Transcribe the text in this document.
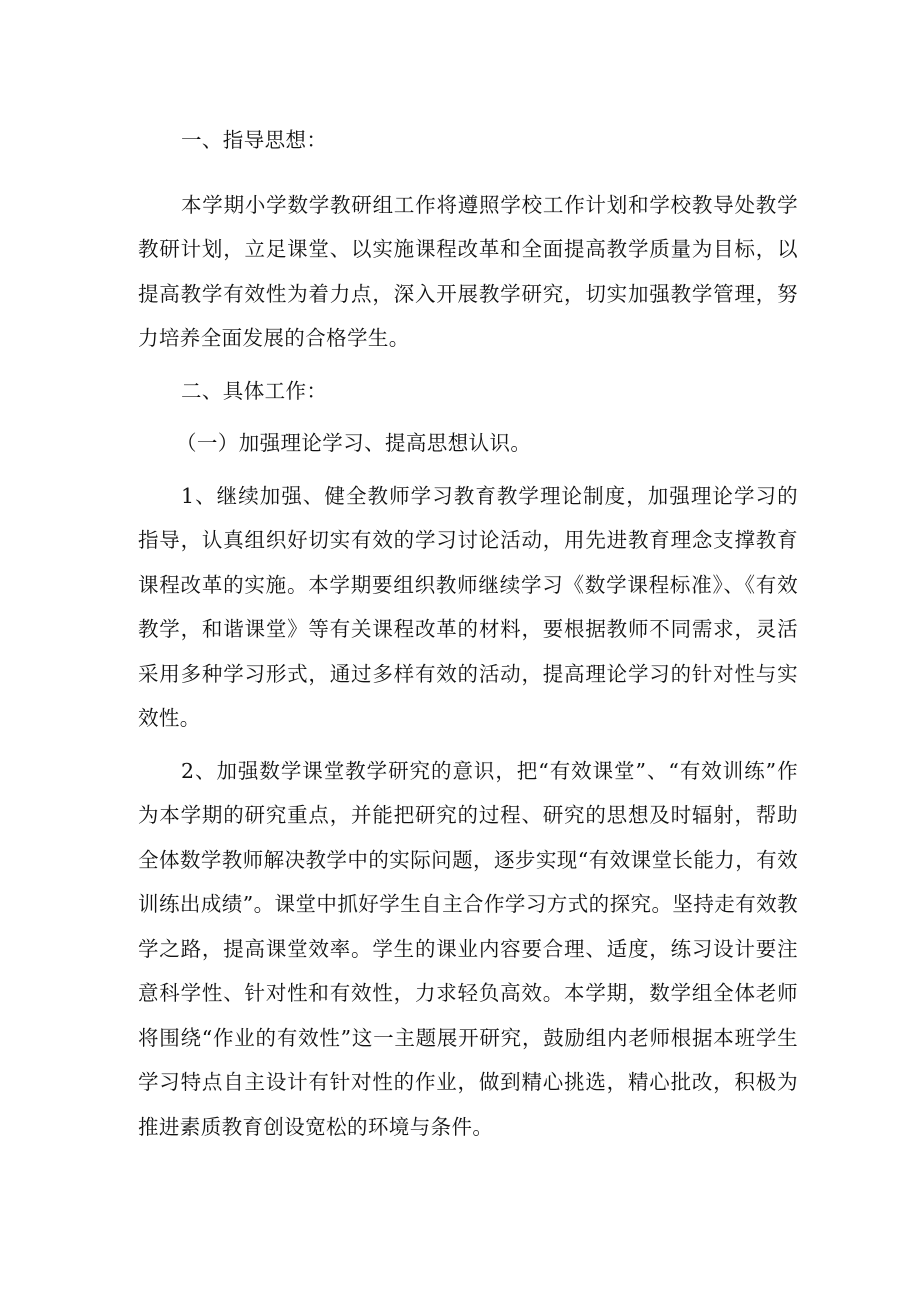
一、指导思想：

本学期小学数学教研组工作将遵照学校工作计划和学校教导处教学教研计划，立足课堂、以实施课程改革和全面提高教学质量为目标，以提高教学有效性为着力点，深入开展教学研究，切实加强教学管理，努力培养全面发展的合格学生。

二、具体工作：

（一）加强理论学习、提高思想认识。

1、继续加强、健全教师学习教育教学理论制度，加强理论学习的指导，认真组织好切实有效的学习讨论活动，用先进教育理念支撑教育课程改革的实施。本学期要组织教师继续学习《数学课程标准》、《有效教学，和谐课堂》等有关课程改革的材料，要根据教师不同需求，灵活采用多种学习形式，通过多样有效的活动，提高理论学习的针对性与实效性。

2、加强数学课堂教学研究的意识，把“有效课堂”、“有效训练”作为本学期的研究重点，并能把研究的过程、研究的思想及时辐射，帮助全体数学教师解决教学中的实际问题，逐步实现“有效课堂长能力，有效训练出成绩”。课堂中抓好学生自主合作学习方式的探究。坚持走有效教学之路，提高课堂效率。学生的课业内容要合理、适度，练习设计要注意科学性、针对性和有效性，力求轻负高效。本学期，数学组全体老师将围绕“作业的有效性”这一主题展开研究，鼓励组内老师根据本班学生学习特点自主设计有针对性的作业，做到精心挑选，精心批改，积极为推进素质教育创设宽松的环境与条件。
